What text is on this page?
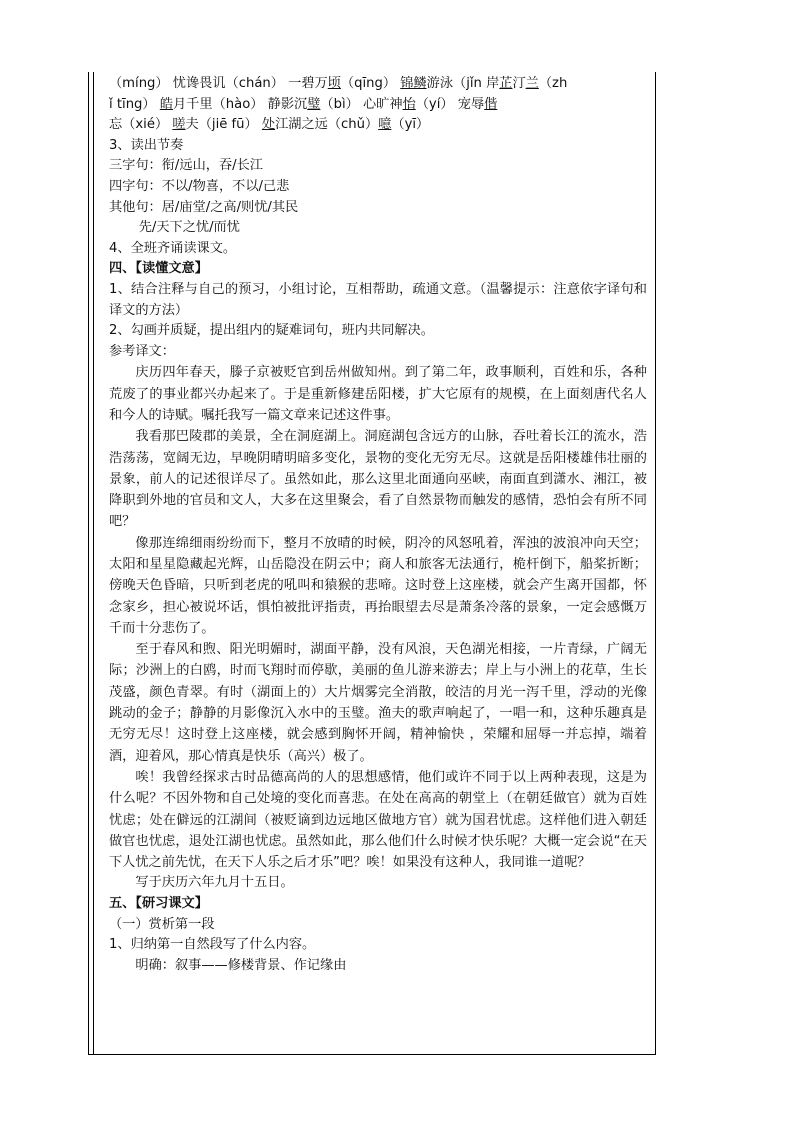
（míng） 忧谗畏讥（chán） 一碧万顷（qīng） 锦鳞游泳（jǐn 岸芷汀兰（zh
ǐ tīng） 皓月千里（hào） 静影沉璧（bì） 心旷神怡（yí） 宠辱偕
忘（xié） 嗟夫（jiē fū） 处江湖之远（chǔ）噫（yī）
3、读出节奏
三字句：衔/远山，吞/长江
四字句：不以/物喜，不以/己悲
其他句：居/庙堂/之高/则忧/其民
先/天下之忧/而忧
4、全班齐诵读课文。
四、【读懂文意】
1、结合注释与自己的预习，小组讨论，互相帮助，疏通文意。（温馨提示：注意依字译句和译文的方法）
2、勾画并质疑，提出组内的疑难词句，班内共同解决。
参考译文：
庆历四年春天，滕子京被贬官到岳州做知州。到了第二年，政事顺利，百姓和乐，各种荒废了的事业都兴办起来了。于是重新修建岳阳楼，扩大它原有的规模，在上面刻唐代名人和今人的诗赋。嘱托我写一篇文章来记述这件事。
我看那巴陵郡的美景，全在洞庭湖上。洞庭湖包含远方的山脉，吞吐着长江的流水，浩浩荡荡，宽阔无边，早晚阴晴明暗多变化，景物的变化无穷无尽。这就是岳阳楼雄伟壮丽的景象，前人的记述很详尽了。虽然如此，那么这里北面通向巫峡，南面直到潇水、湘江，被降职到外地的官员和文人，大多在这里聚会，看了自然景物而触发的感情，恐怕会有所不同吧？
像那连绵细雨纷纷而下，整月不放晴的时候，阴冷的风怒吼着，浑浊的波浪冲向天空；太阳和星星隐藏起光辉，山岳隐没在阴云中；商人和旅客无法通行，桅杆倒下，船桨折断；傍晚天色昏暗，只听到老虎的吼叫和猿猴的悲啼。这时登上这座楼，就会产生离开国都，怀念家乡，担心被说坏话，惧怕被批评指责，再抬眼望去尽是萧条冷落的景象，一定会感慨万千而十分悲伤了。
至于春风和煦、阳光明媚时，湖面平静，没有风浪，天色湖光相接，一片青绿，广阔无际；沙洲上的白鸥，时而飞翔时而停歇，美丽的鱼儿游来游去；岸上与小洲上的花草，生长茂盛，颜色青翠。有时（湖面上的）大片烟雾完全消散，皎洁的月光一泻千里，浮动的光像跳动的金子；静静的月影像沉入水中的玉璧。渔夫的歌声响起了，一唱一和，这种乐趣真是无穷无尽！这时登上这座楼，就会感到胸怀开阔，精神愉快 ，荣耀和屈辱一并忘掉，端着酒，迎着风，那心情真是快乐（高兴）极了。
唉！我曾经探求古时品德高尚的人的思想感情，他们或许不同于以上两种表现，这是为什么呢？不因外物和自己处境的变化而喜悲。在处在高高的朝堂上（在朝廷做官）就为百姓忧虑；处在僻远的江湖间（被贬谪到边远地区做地方官）就为国君忧虑。这样他们进入朝廷做官也忧虑，退处江湖也忧虑。虽然如此，那么他们什么时候才快乐呢？大概一定会说“在天下人忧之前先忧，在天下人乐之后才乐”吧？唉！如果没有这种人，我同谁一道呢？
写于庆历六年九月十五日。
五、【研习课文】
（一）赏析第一段
1、归纳第一自然段写了什么内容。
明确：叙事——修楼背景、作记缘由
